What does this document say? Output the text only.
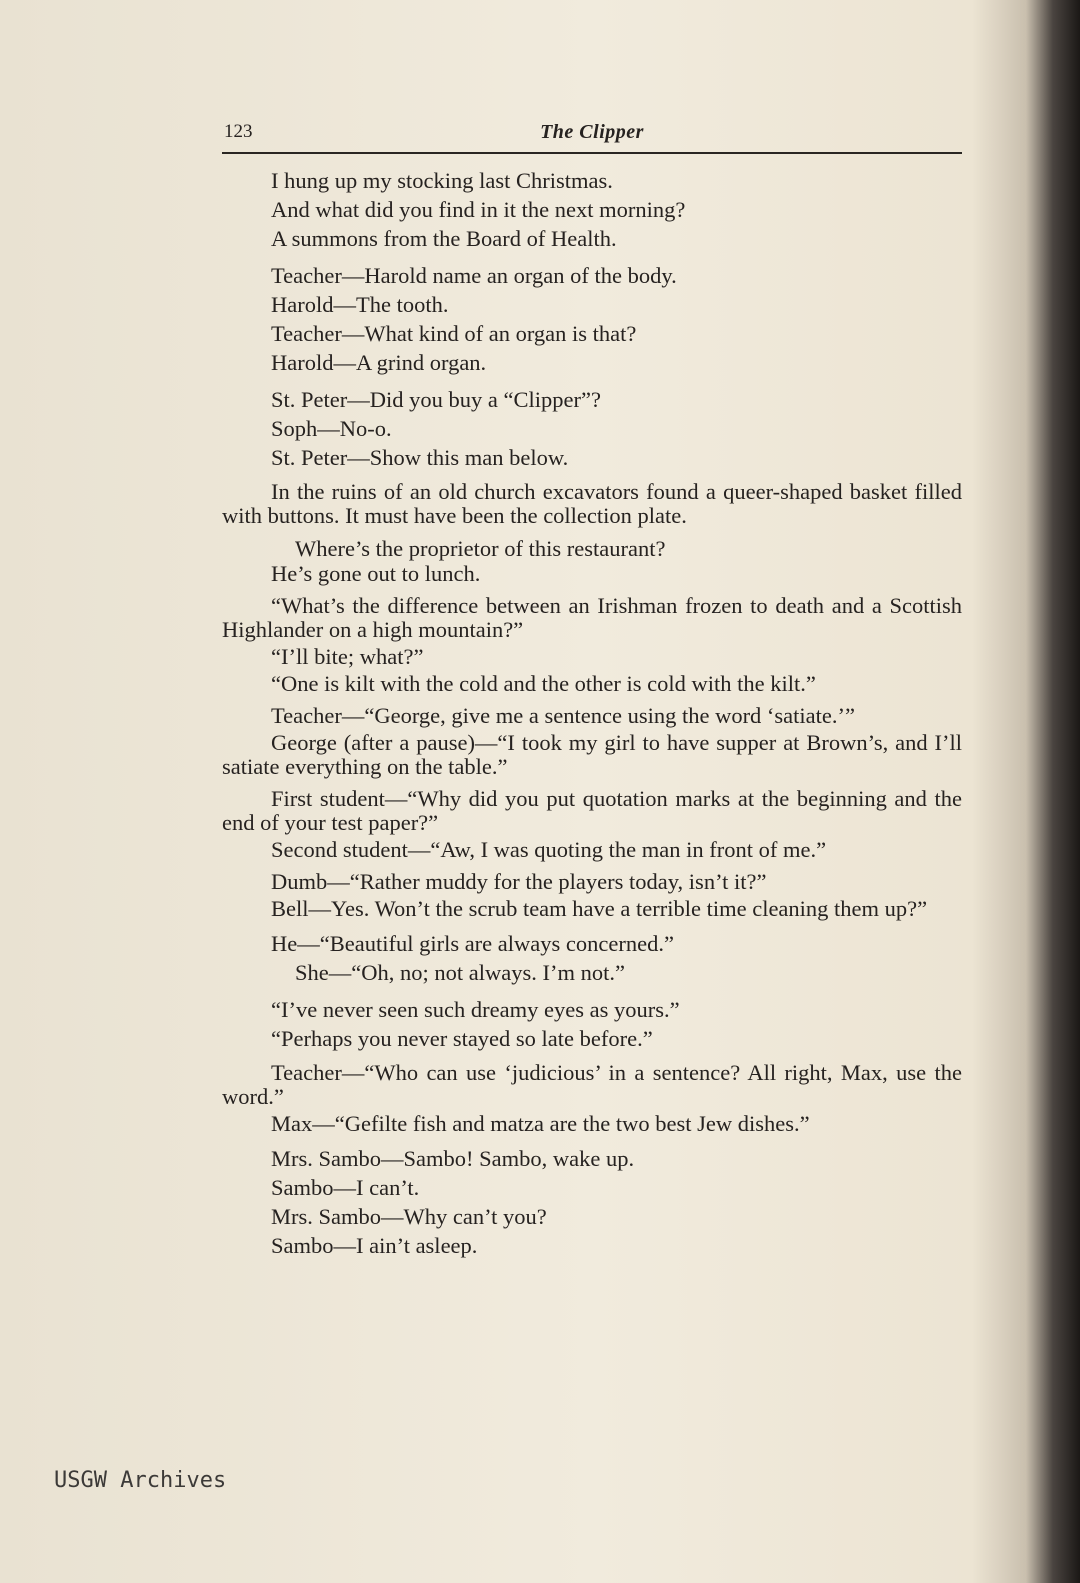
123	The Clipper
I hung up my stocking last Christmas.
And what did you find in it the next morning?
A summons from the Board of Health.
Teacher—Harold name an organ of the body.
Harold—The tooth.
Teacher—What kind of an organ is that?
Harold—A grind organ.
St. Peter—Did you buy a “Clipper”?
Soph—No-o.
St. Peter—Show this man below.
In the ruins of an old church excavators found a queer-shaped basket filled with buttons. It must have been the collection plate.
Where’s the proprietor of this restaurant?
He’s gone out to lunch.
“What’s the difference between an Irishman frozen to death and a Scottish Highlander on a high mountain?”
“I’ll bite; what?”
“One is kilt with the cold and the other is cold with the kilt.”
Teacher—“George, give me a sentence using the word ‘satiate.’”
George (after a pause)—“I took my girl to have supper at Brown’s, and I’ll satiate everything on the table.”
First student—“Why did you put quotation marks at the beginning and the end of your test paper?”
Second student—“Aw, I was quoting the man in front of me.”
Dumb—“Rather muddy for the players today, isn’t it?”
Bell—Yes. Won’t the scrub team have a terrible time cleaning them up?”
He—“Beautiful girls are always concerned.”
She—“Oh, no; not always. I’m not.”
“I’ve never seen such dreamy eyes as yours.”
“Perhaps you never stayed so late before.”
Teacher—“Who can use ‘judicious’ in a sentence? All right, Max, use the word.”
Max—“Gefilte fish and matza are the two best Jew dishes.”
Mrs. Sambo—Sambo! Sambo, wake up.
Sambo—I can’t.
Mrs. Sambo—Why can’t you?
Sambo—I ain’t asleep.
USGW Archives
